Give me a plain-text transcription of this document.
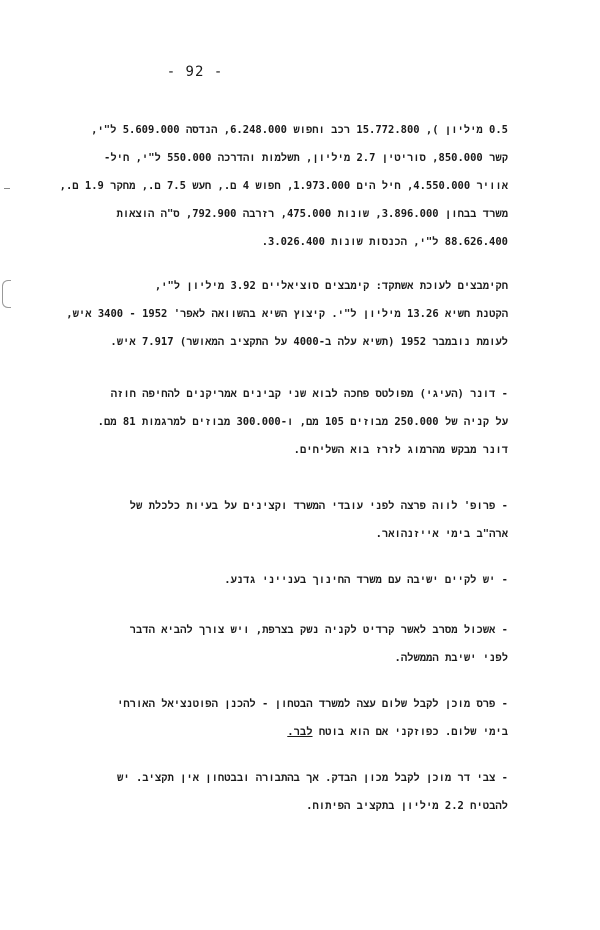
- 92 -
0.5 מיליון ), 15.772.800 רכב וחפוש 6.248.000, הנדסה 5.609.000 ל"י,
קשר 850.000, סוריטין 2.7 מיליון, תשלמות והדרכה 550.000 ל"י, חיל-
אוויר 4.550.000, חיל הים 1.973.000, חפוש 4 ם., חעש 7.5 ם., מחקר 1.9 ם.,
משרד בבחון 3.896.000, שונות 475.000, רזרבה 792.900, ס"ה הוצאות
88.626.400 ל"י, הכנסות שונות 3.026.400.
חקימבצים לעוכת אשתקד: קימבצים סוציאליים 3.92 מיליון ל"י,
הקטנת חשיא 13.26 מיליון ל"י. קיצוץ השיא בהשוואה לאפר' 1952 - 3400 איש,
לעומת נובמבר 1952 (תשיא עלה ב-4000 על התקציב המאושר) 7.917 איש.
- דונר (העיגי) מפולטס פחכה לבוא שני קבינים אמריקנים להחיפה חוזה
על קניה של 250.000 מבוזים 105 מם, ו-300.000 מבוזים למרגמות 81 מם.
דונר מבקש מהרמוג לזרז בוא השליחים.
- פרופ' לווה פרצה לפני עובדי המשרד וקצינים על בעיות כלכלת של
ארה"ב בימי אייזנהואר.
- יש לקיים ישיבה עם משרד החינוך בענייני גדנע.
- אשכול מסרב לאשר קרדיט לקניה נשק בצרפת, ויש צורך להביא הדבר
לפני ישיבת הממשלה.
- פרס מוכן לקבל שלום עצה למשרד הבטחון - להכנן הפוטנציאל האורחי
בימי שלום. כפוזקני אם הוא בוטח לבר.
- צבי דר מוכן לקבל מכון הבדק. אך בהתבורה ובבטחון אין תקציב. יש
להבטיח 2.2 מיליון בתקציב הפיתוח.
